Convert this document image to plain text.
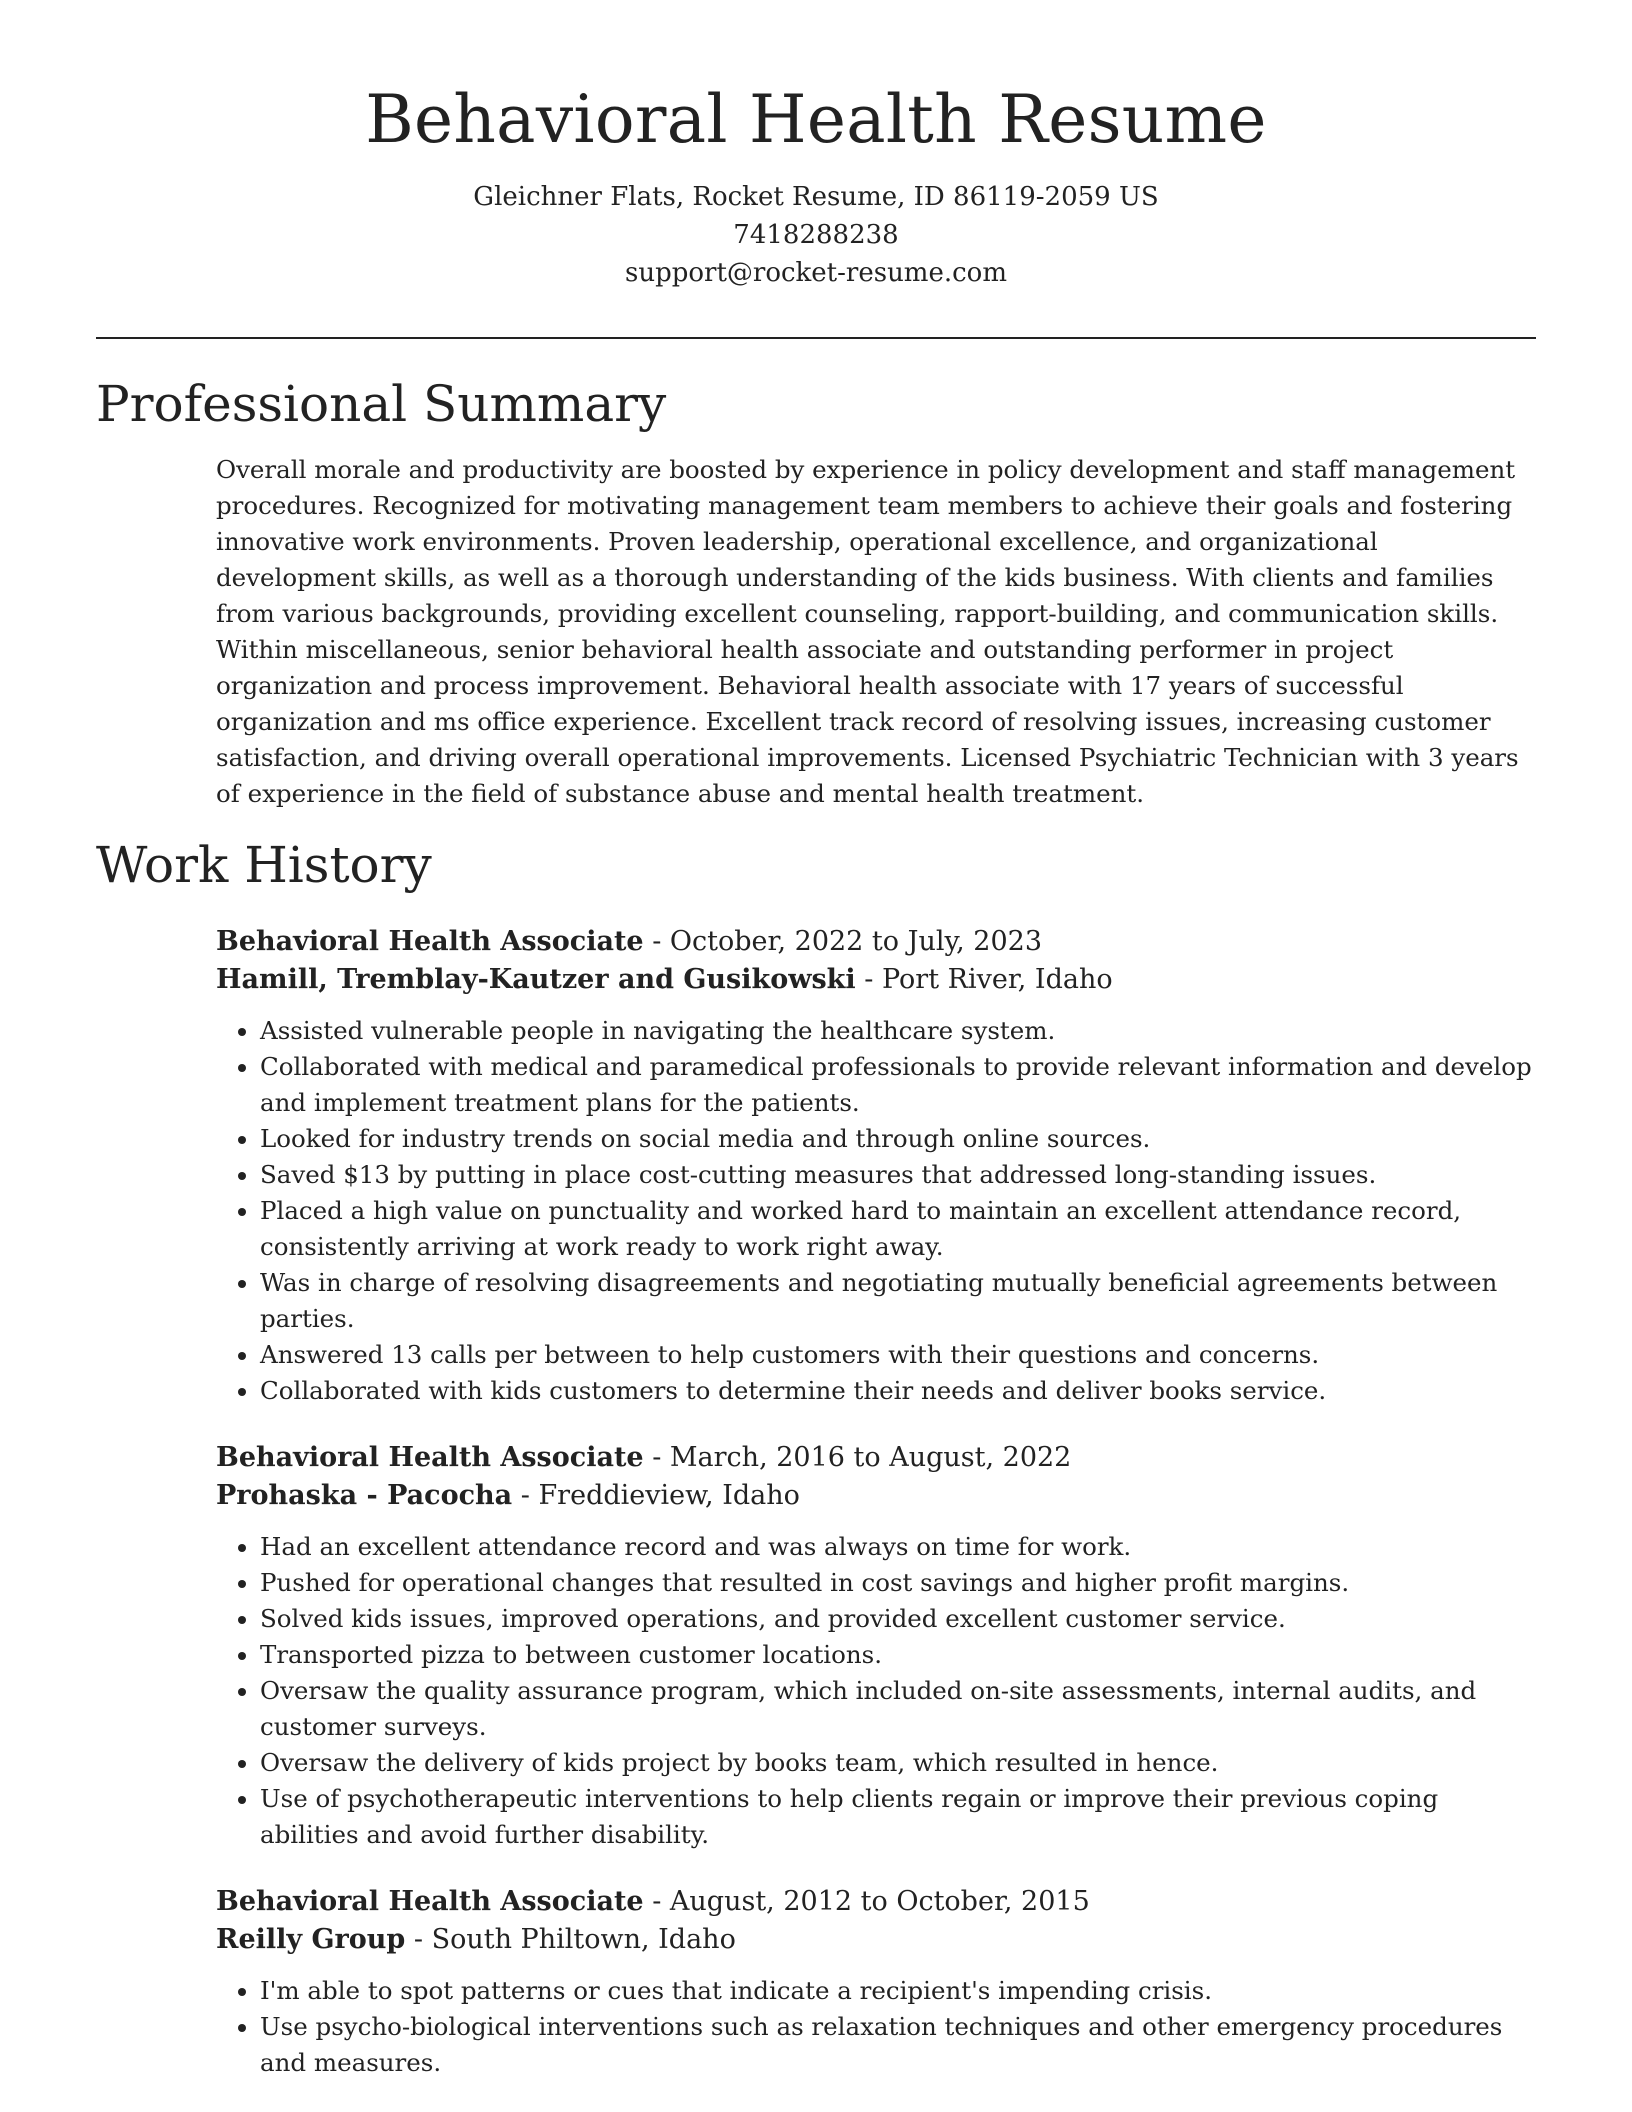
Behavioral Health Resume

Gleichner Flats, Rocket Resume, ID 86119-2059 US

7418288238

support@rocket-resume.com

Professional Summary

Overall morale and productivity are boosted by experience in policy development and staff management procedures. Recognized for motivating management team members to achieve their goals and fostering innovative work environments. Proven leadership, operational excellence, and organizational development skills, as well as a thorough understanding of the kids business. With clients and families from various backgrounds, providing excellent counseling, rapport-building, and communication skills. Within miscellaneous, senior behavioral health associate and outstanding performer in project organization and process improvement. Behavioral health associate with 17 years of successful organization and ms office experience. Excellent track record of resolving issues, increasing customer satisfaction, and driving overall operational improvements. Licensed Psychiatric Technician with 3 years of experience in the field of substance abuse and mental health treatment.

Work History

Behavioral Health Associate - October, 2022 to July, 2023

Hamill, Tremblay-Kautzer and Gusikowski - Port River, Idaho

• Assisted vulnerable people in navigating the healthcare system.
• Collaborated with medical and paramedical professionals to provide relevant information and develop and implement treatment plans for the patients.
• Looked for industry trends on social media and through online sources.
• Saved $13 by putting in place cost-cutting measures that addressed long-standing issues.
• Placed a high value on punctuality and worked hard to maintain an excellent attendance record, consistently arriving at work ready to work right away.
• Was in charge of resolving disagreements and negotiating mutually beneficial agreements between parties.
• Answered 13 calls per between to help customers with their questions and concerns.
• Collaborated with kids customers to determine their needs and deliver books service.

Behavioral Health Associate - March, 2016 to August, 2022

Prohaska - Pacocha - Freddieview, Idaho

• Had an excellent attendance record and was always on time for work.
• Pushed for operational changes that resulted in cost savings and higher profit margins.
• Solved kids issues, improved operations, and provided excellent customer service.
• Transported pizza to between customer locations.
• Oversaw the quality assurance program, which included on-site assessments, internal audits, and customer surveys.
• Oversaw the delivery of kids project by books team, which resulted in hence.
• Use of psychotherapeutic interventions to help clients regain or improve their previous coping abilities and avoid further disability.

Behavioral Health Associate - August, 2012 to October, 2015

Reilly Group - South Philtown, Idaho

• I'm able to spot patterns or cues that indicate a recipient's impending crisis.
• Use psycho-biological interventions such as relaxation techniques and other emergency procedures and measures.
